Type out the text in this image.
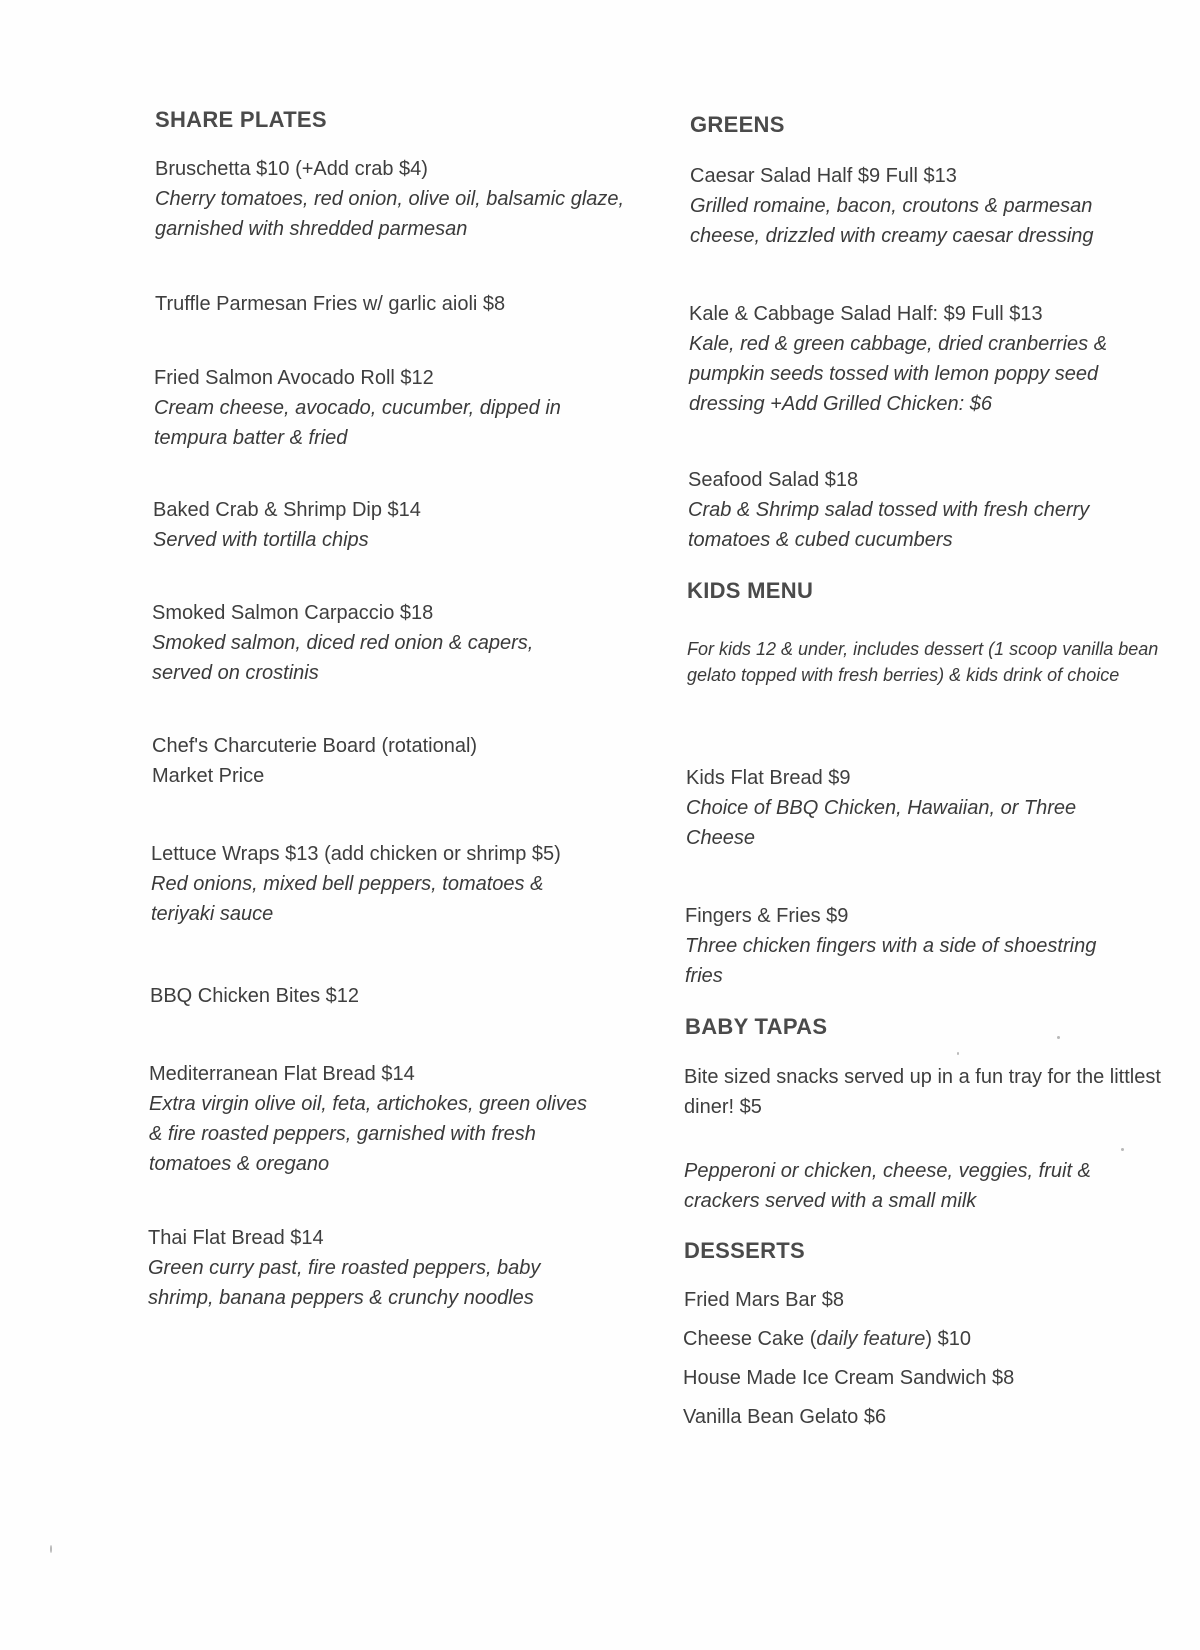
SHARE PLATES
Bruschetta $10 (+Add crab $4)
Cherry tomatoes, red onion, olive oil, balsamic glaze, garnished with shredded parmesan
Truffle Parmesan Fries w/ garlic aioli $8
Fried Salmon Avocado Roll $12
Cream cheese, avocado, cucumber, dipped in tempura batter & fried
Baked Crab & Shrimp Dip $14
Served with tortilla chips
Smoked Salmon Carpaccio $18
Smoked salmon, diced red onion & capers, served on crostinis
Chef's Charcuterie Board (rotational)
Market Price
Lettuce Wraps $13 (add chicken or shrimp $5)
Red onions, mixed bell peppers, tomatoes & teriyaki sauce
BBQ Chicken Bites $12
Mediterranean Flat Bread $14
Extra virgin olive oil, feta, artichokes, green olives & fire roasted peppers, garnished with fresh tomatoes & oregano
Thai Flat Bread $14
Green curry past, fire roasted peppers, baby shrimp, banana peppers & crunchy noodles
GREENS
Caesar Salad Half $9 Full $13
Grilled romaine, bacon, croutons & parmesan cheese, drizzled with creamy caesar dressing
Kale & Cabbage Salad Half: $9 Full $13
Kale, red & green cabbage, dried cranberries & pumpkin seeds tossed with lemon poppy seed dressing +Add Grilled Chicken: $6
Seafood Salad $18
Crab & Shrimp salad tossed with fresh cherry tomatoes & cubed cucumbers
KIDS MENU
For kids 12 & under, includes dessert (1 scoop vanilla bean gelato topped with fresh berries) & kids drink of choice
Kids Flat Bread $9
Choice of BBQ Chicken, Hawaiian, or Three Cheese
Fingers & Fries $9
Three chicken fingers with a side of shoestring fries
BABY TAPAS
Bite sized snacks served up in a fun tray for the littlest diner! $5
Pepperoni or chicken, cheese, veggies, fruit & crackers served with a small milk
DESSERTS
Fried Mars Bar $8
Cheese Cake (daily feature) $10
House Made Ice Cream Sandwich $8
Vanilla Bean Gelato $6
